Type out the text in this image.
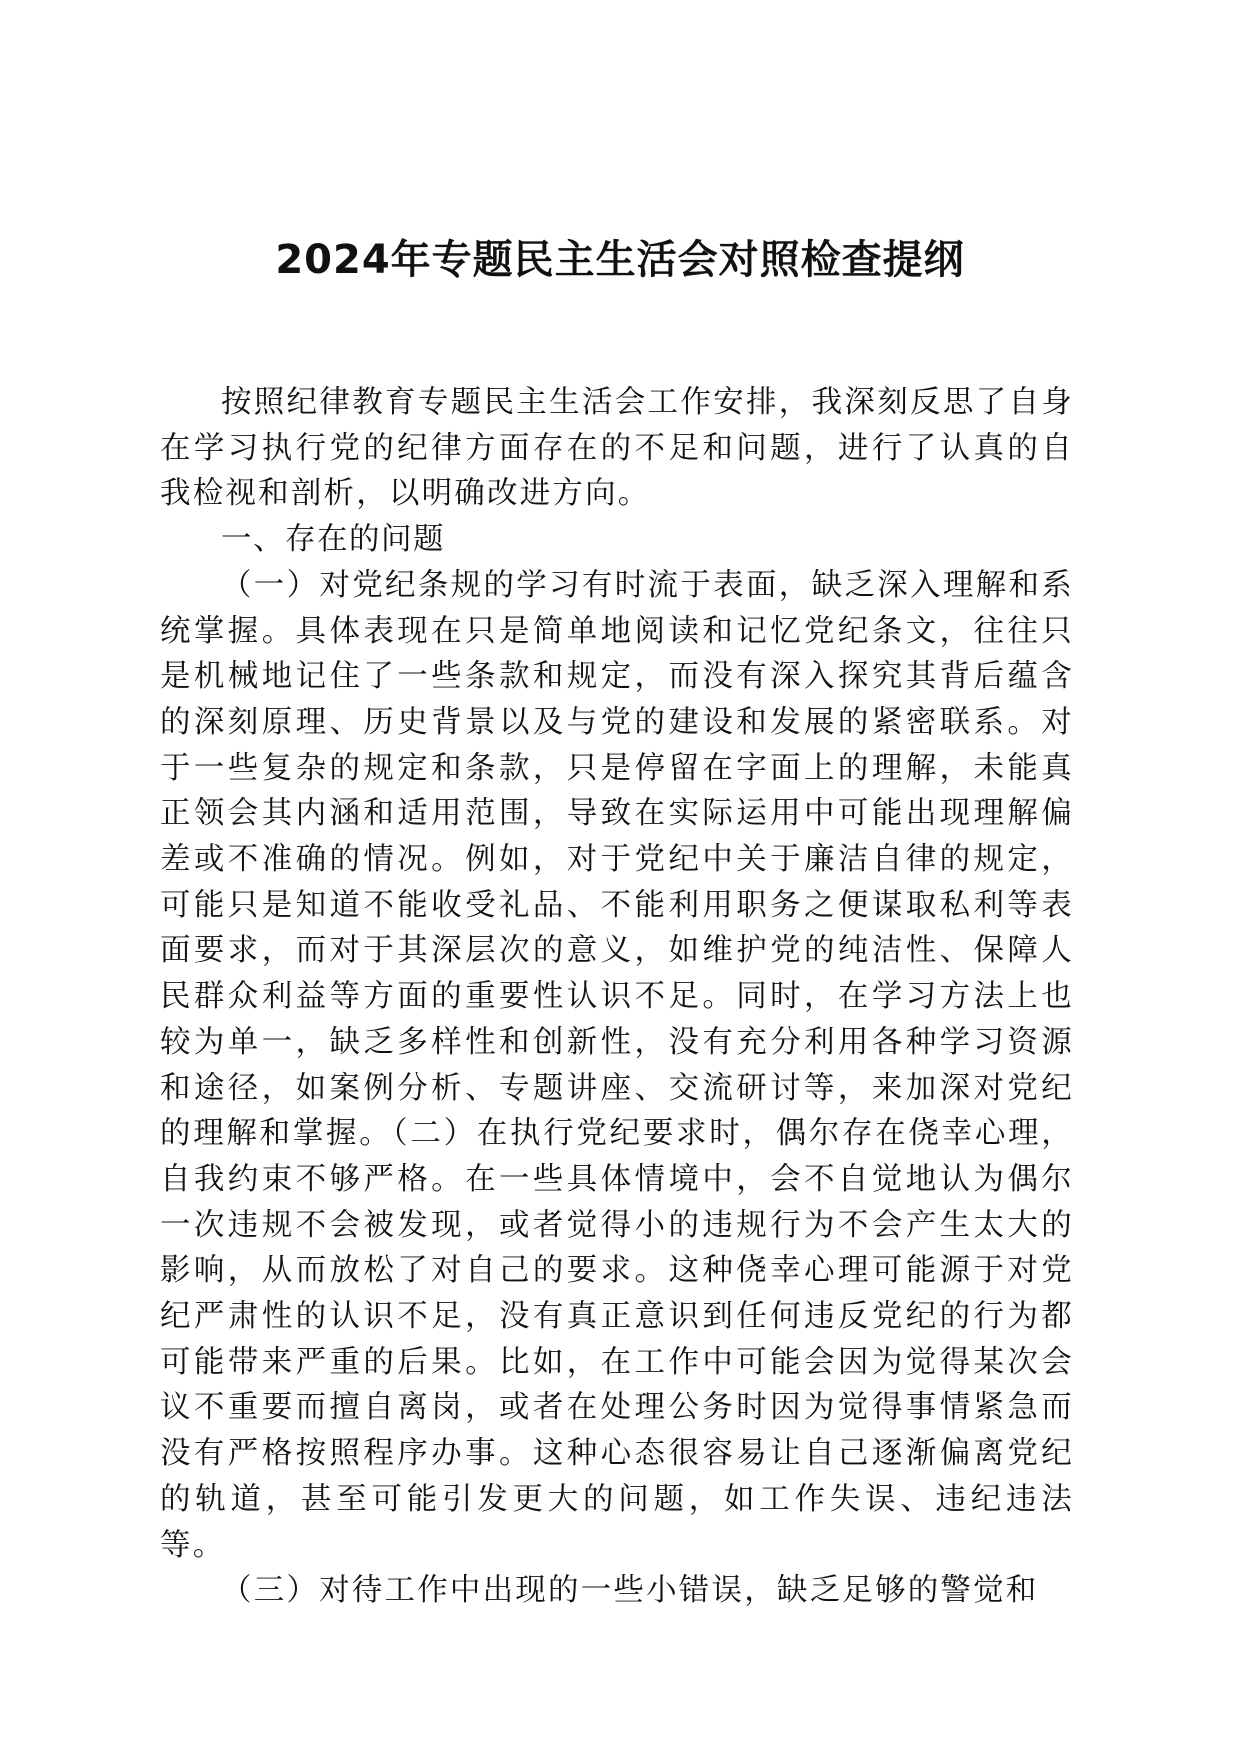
2024年专题民主生活会对照检查提纲

按照纪律教育专题民主生活会工作安排，我深刻反思了自身在学习执行党的纪律方面存在的不足和问题，进行了认真的自我检视和剖析，以明确改进方向。

一、存在的问题

（一）对党纪条规的学习有时流于表面，缺乏深入理解和系统掌握。具体表现在只是简单地阅读和记忆党纪条文，往往只是机械地记住了一些条款和规定，而没有深入探究其背后蕴含的深刻原理、历史背景以及与党的建设和发展的紧密联系。对于一些复杂的规定和条款，只是停留在字面上的理解，未能真正领会其内涵和适用范围，导致在实际运用中可能出现理解偏差或不准确的情况。例如，对于党纪中关于廉洁自律的规定，可能只是知道不能收受礼品、不能利用职务之便谋取私利等表面要求，而对于其深层次的意义，如维护党的纯洁性、保障人民群众利益等方面的重要性认识不足。同时，在学习方法上也较为单一，缺乏多样性和创新性，没有充分利用各种学习资源和途径，如案例分析、专题讲座、交流研讨等，来加深对党纪的理解和掌握。（二）在执行党纪要求时，偶尔存在侥幸心理，自我约束不够严格。在一些具体情境中，会不自觉地认为偶尔一次违规不会被发现，或者觉得小的违规行为不会产生太大的影响，从而放松了对自己的要求。这种侥幸心理可能源于对党纪严肃性的认识不足，没有真正意识到任何违反党纪的行为都可能带来严重的后果。比如，在工作中可能会因为觉得某次会议不重要而擅自离岗，或者在处理公务时因为觉得事情紧急而没有严格按照程序办事。这种心态很容易让自己逐渐偏离党纪的轨道，甚至可能引发更大的问题，如工作失误、违纪违法等。

（三）对待工作中出现的一些小错误，缺乏足够的警觉和
